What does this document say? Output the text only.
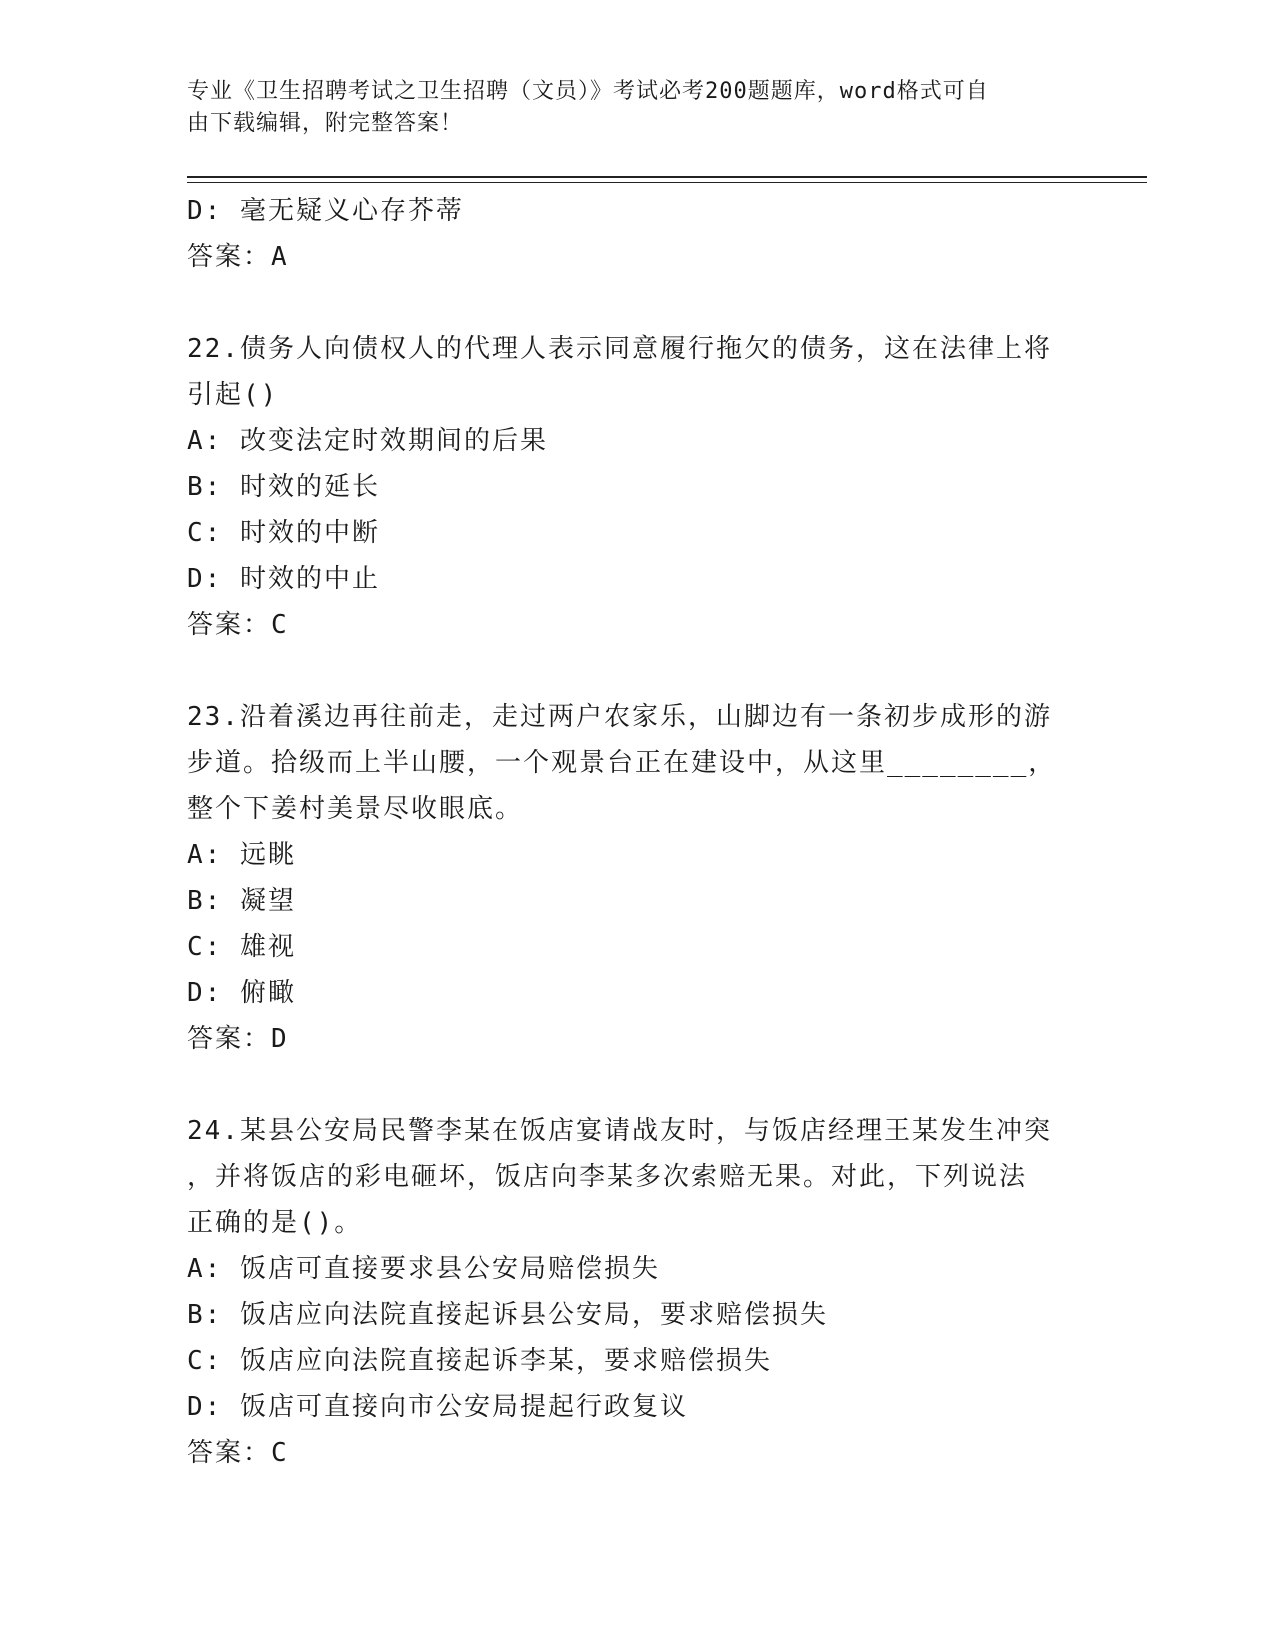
专业《卫生招聘考试之卫生招聘（文员）》考试必考200题题库，word格式可自
由下载编辑，附完整答案！
D: 毫无疑义心存芥蒂
答案：A
22.债务人向债权人的代理人表示同意履行拖欠的债务，这在法律上将
引起()
A: 改变法定时效期间的后果
B: 时效的延长
C: 时效的中断
D: 时效的中止
答案：C
23.沿着溪边再往前走，走过两户农家乐，山脚边有一条初步成形的游
步道。拾级而上半山腰，一个观景台正在建设中，从这里________，
整个下姜村美景尽收眼底。
A: 远眺
B: 凝望
C: 雄视
D: 俯瞰
答案：D
24.某县公安局民警李某在饭店宴请战友时，与饭店经理王某发生冲突
，并将饭店的彩电砸坏，饭店向李某多次索赔无果。对此，下列说法
正确的是()。
A: 饭店可直接要求县公安局赔偿损失
B: 饭店应向法院直接起诉县公安局，要求赔偿损失
C: 饭店应向法院直接起诉李某，要求赔偿损失
D: 饭店可直接向市公安局提起行政复议
答案：C
